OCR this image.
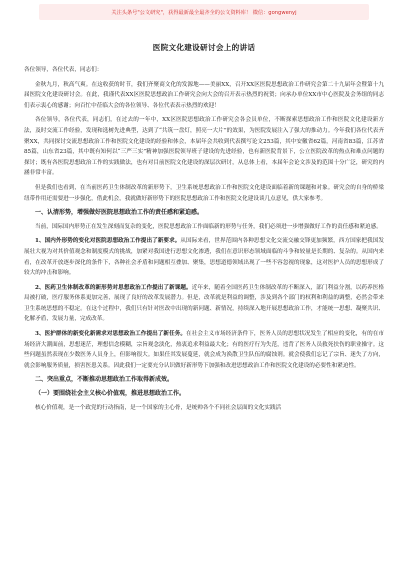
关注头条号"公文研究"，获得最新最全最齐全的公文资料库！ 微信：gongwenyj
医院文化建设研讨会上的讲话
各位领导，各位代表，同志们：
金秋九月，秋高气爽。在这收获的时节，我们齐聚商文化的发源地——美丽XX，召开XX区医院思想政治工作研究会第二十九届年会暨第十九届医院文化建设研讨会。在此，我谨代表XX区医院思想政治工作研究会向大会的召开表示热烈的祝贺；向承办单位XX市中心医院及会务组的同志们表示衷心的感谢；向百忙中莅临大会的各位领导、各位代表表示热烈的欢迎！
各位领导，各位代表，同志们，在过去的一年中，XX区医院思想政治工作研究会各会员单位，不断探索思想政治工作和医院文化建设新方法，及时交流工作经验，发现和选树先进典型，达到了“共筑一盘灯，照亮一大片”的效果，为医院发展注入了强大的推动力。今年我们各位代表齐聚XX，共同探讨交流思想政治工作和医院文化建设的经验和体会，本届年会共收到代表撰写论文253篇，其中安徽省62篇，河南省83篇，江苏省85篇，山东省23篇，其中既有知何以“三严三实”精神加强医院领导班子建设的先进经验，也有新医院背景下，公立医院改革的热点和难点问题的探讨；既有各医院思想政治工作的实践做法，也有对目前医院文化建设的深层次研讨，从总体上看，本届年会论文涉及的范围十分广泛，研究的内涵非常丰富。
但是我们也看到，在当前医药卫生体制改革的新形势下，卫生系统思想政治工作和医院文化建设面临着新的课题和对象。研究会的自身的桥梁纽带作用还需要进一步强化，借此机会，我就做好新形势下的医院思想政治工作和医院文化建设谈几点意见，供大家参考。
一、认清形势，增强做好医院思想政治工作的责任感和紧迫感。
当前，国际国内形势正在发生深刻而复杂的变化，医院思想政治工作面临新的形势与任务，我们必须进一步增强做好工作的责任感和紧迫感。
1、国内外形势的变化对医院思想政治工作提出了新要求。从国际来看，世界范围内各种思想文化交流交融交锋更加频繁，西方国家把我国发展壮大视为对其价值观念和制度模式的挑战，加紧对我国进行思想文化渗透，我们在意识形态领域面临的斗争和较量是长期的、复杂的。从国内来看，在改革开放逐步深化的条件下，各种社会矛盾和问题相互叠加、聚集，思想道德领域出现了一些不容忽视的现象，这对医护人员的思想形成了较大的冲击和影响。
2、医药卫生体制改革的新形势对思想政治工作提出了新课题。近年来，随着全国医药卫生体制改革的不断深入，部门利益分割，以药养医格局被打破，医疗服务体系更加完善，展现了良好的改革发展潜力。但是，改革就是利益的调整，涉及到各个部门的权利和利益的调整，必然会带来卫生系统思想的不稳定。在这个过程中，我们只有针对医改中出现的新问题、新情况，持续深入地开展思想政治工作，才能统一思想、凝聚共识、化解矛盾，发展力量，完成改革。
3、医护群体的新变化新需求对思想政治工作提出了新任务。在社会主义市场经济条件下，医务人员的思想状况发生了相应的变化，有的在市场经济大潮面前，思想迷茫，理想信念模糊，宗旨观念淡化，热衷追求利益最大化；有的医疗行为失范，违背了医务人员救死扶伤的职业操守。这些问题虽然表现在少数医务人员身上，但影响很大。如果任其发展蔓延，就会成为涣散卫生队伍的腐蚀剂。就会使我们忘记了宗旨、迷失了方向，就会影响服务质量，损害医患关系。因此我们一定要充分认识做好新形势下加强和改进思想政治工作和医院文化建设的必要性和紧迫性。
二、突出重点，不断推动思想政治工作取得新成效。
（一）要围绕社会主义核心价值观，推进思想政治工作。
核心价值观，是一个政党的行动指南，是一个国家的主心骨，是统帅各个不同社会层面的文化实践活
